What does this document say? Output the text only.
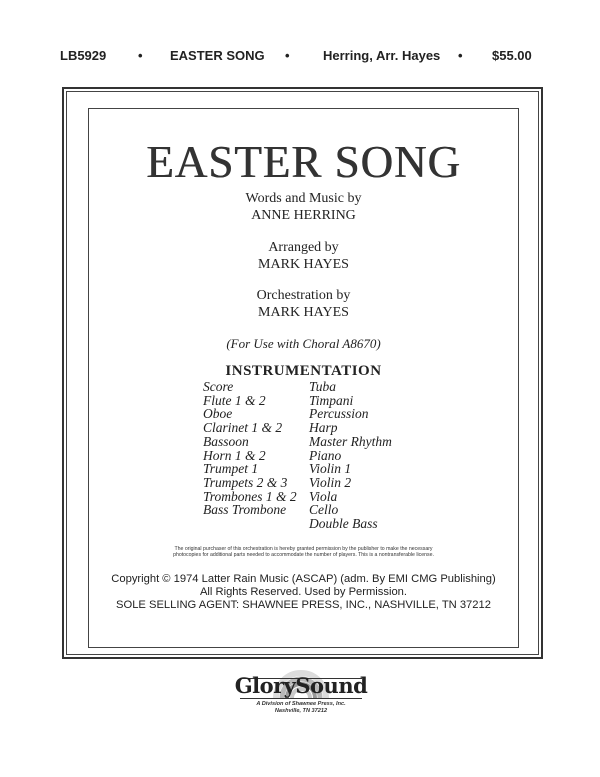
LB5929 • EASTER SONG •	Herring, Arr. Hayes • $55.00
EASTER SONG
Words and Music by
ANNE HERRING
Arranged by
MARK HAYES
Orchestration by
MARK HAYES
(For Use with Choral A8670)
INSTRUMENTATION
Score
Flute 1 & 2
Oboe
Clarinet 1 & 2
Bassoon
Horn 1 & 2
Trumpet 1
Trumpets 2 & 3
Trombones 1 & 2
Bass Trombone
Tuba
Timpani
Percussion
Harp
Master Rhythm
Piano
Violin 1
Violin 2
Viola
Cello
Double Bass
The original purchaser of this orchestration is hereby granted permission by the publisher to make the necessary
photocopies for additional parts needed to accommodate the number of players. This is a nontransferable license.
Copyright © 1974 Latter Rain Music (ASCAP) (adm. By EMI CMG Publishing)
All Rights Reserved. Used by Permission.
SOLE SELLING AGENT: SHAWNEE PRESS, INC., NASHVILLE, TN 37212
GlorySound
A Division of Shawnee Press, Inc.
Nashville, TN 37212
